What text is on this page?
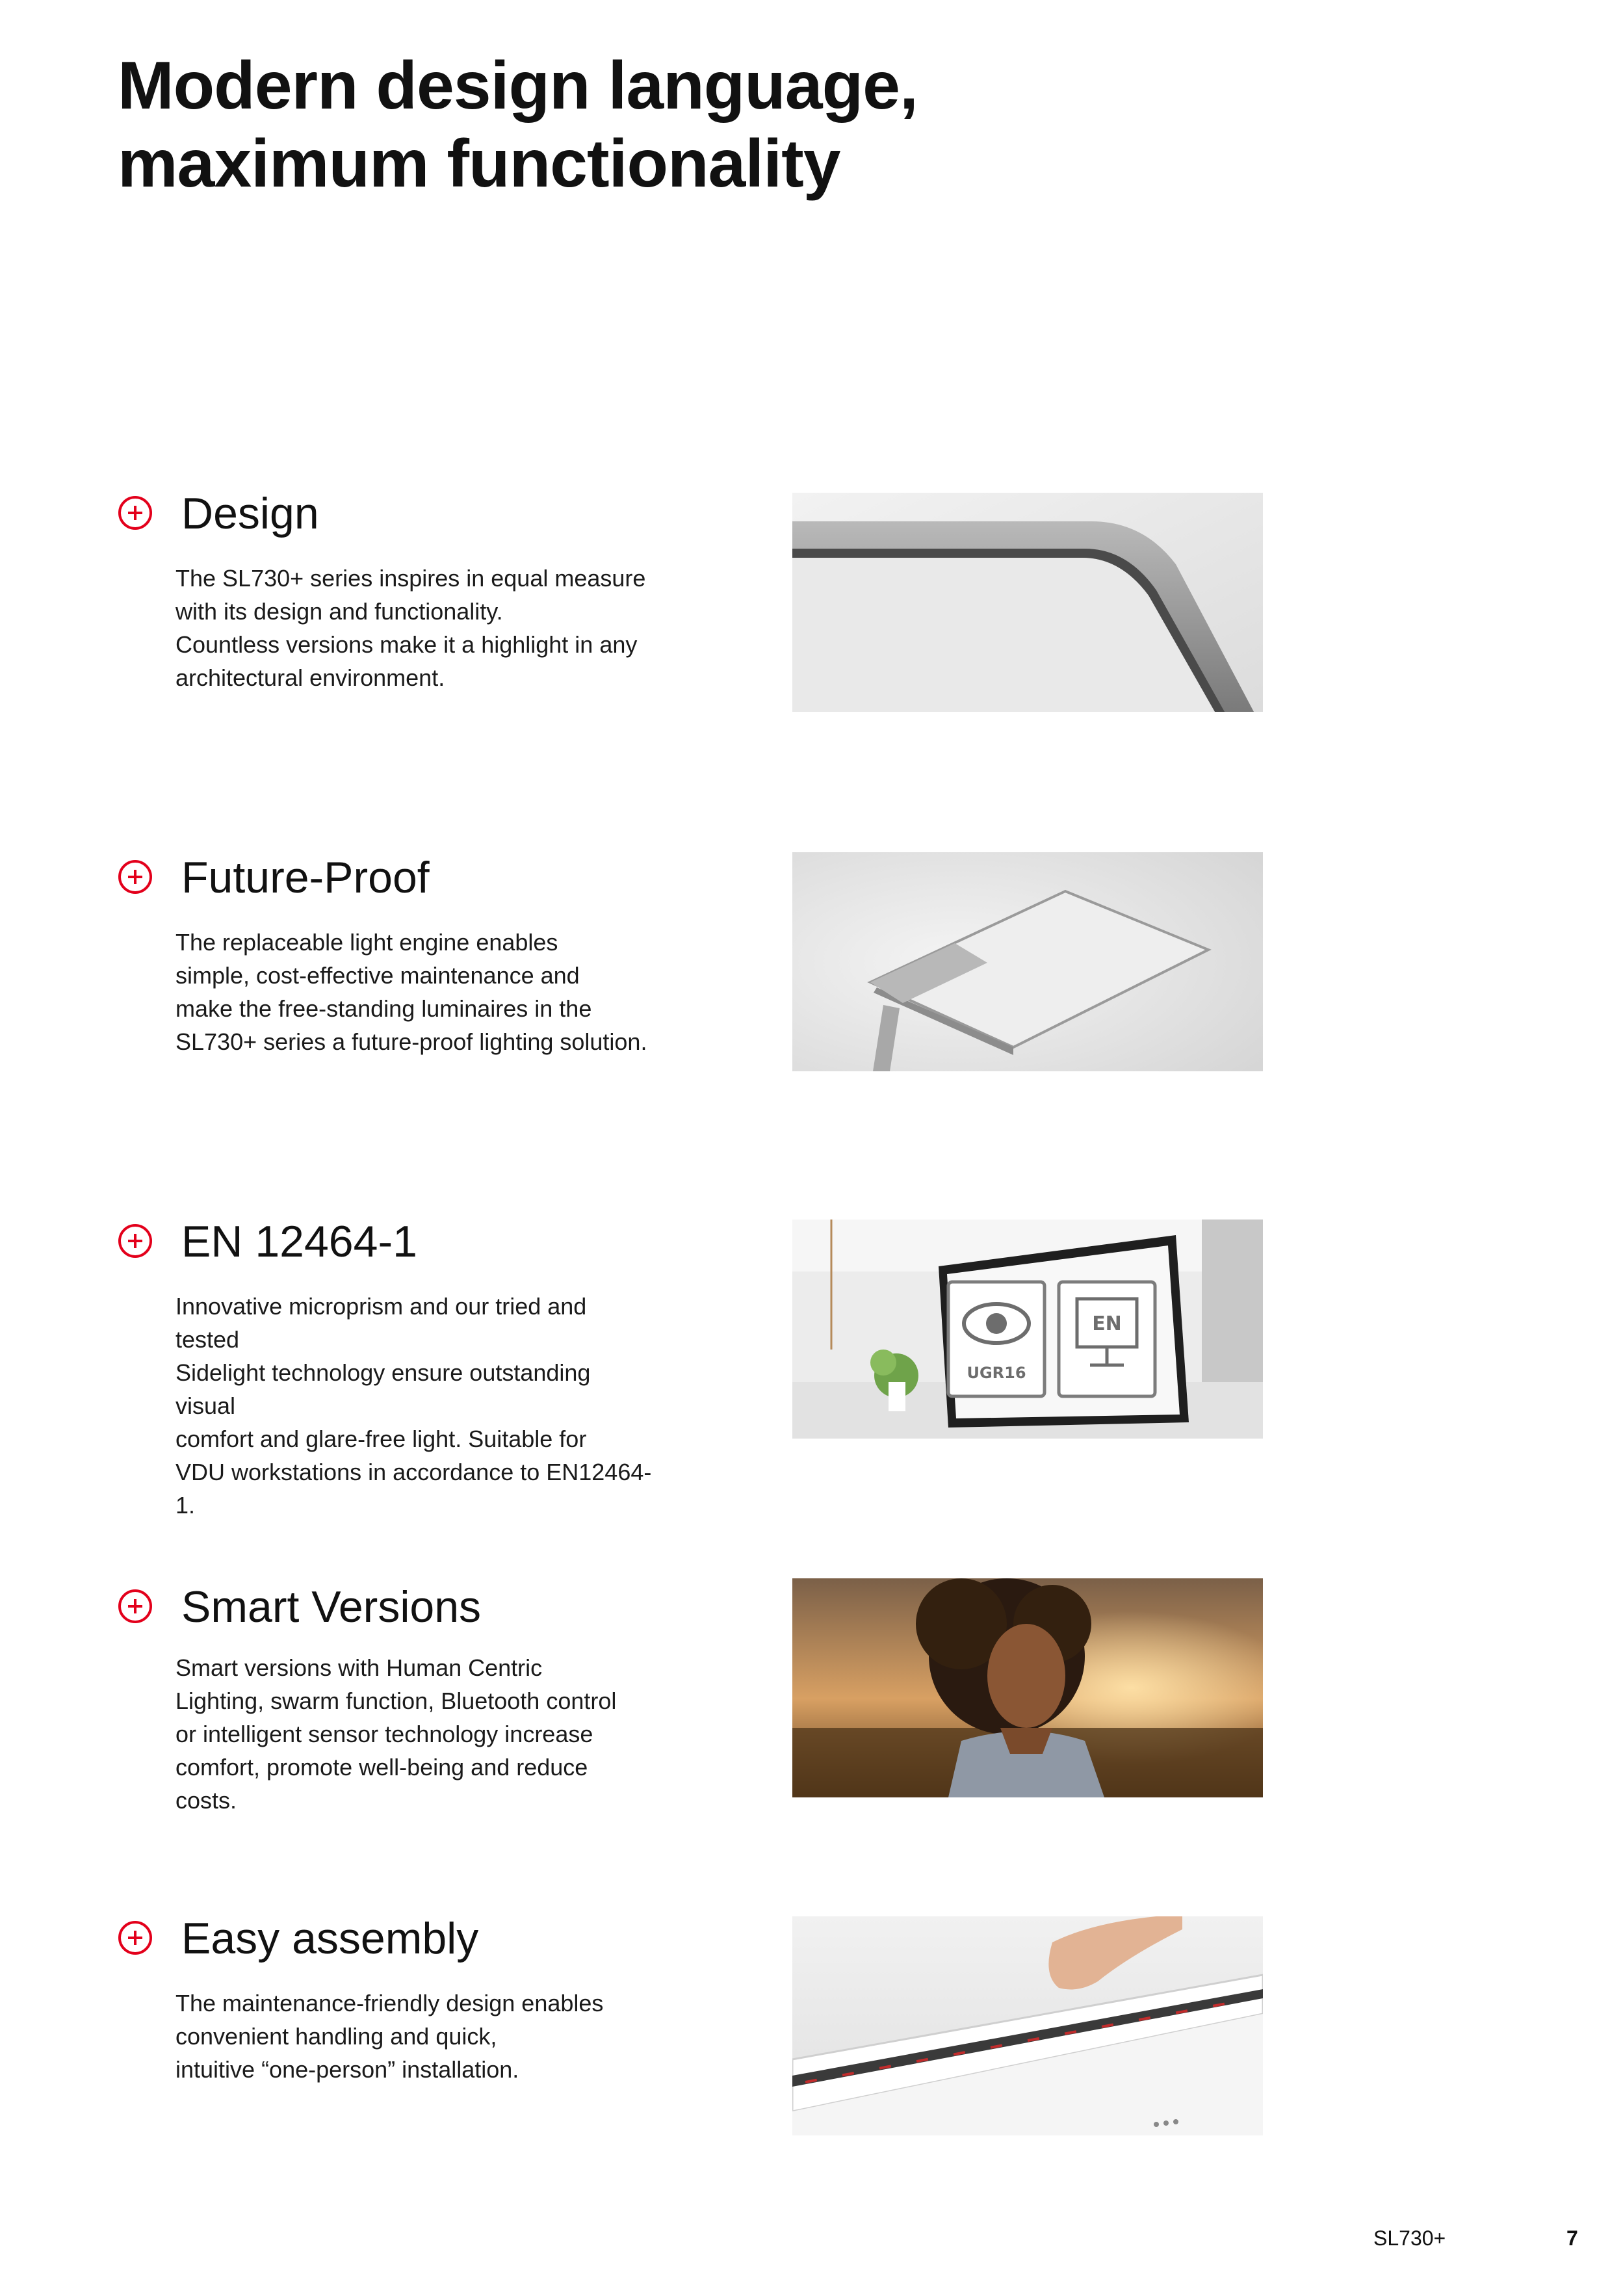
Modern design language,
maximum functionality
Design

The SL730+ series inspires in equal measure
with its design and functionality.
Countless versions make it a highlight in any
architectural environment.

Future-Proof

The replaceable light engine enables
simple, cost-effective maintenance and
make the free-standing luminaires in the
SL730+ series a future-proof lighting solution.

EN 12464-1

Innovative microprism and our tried and
tested
Sidelight technology ensure outstanding
visual
comfort and glare-free light. Suitable for
VDU workstations in accordance to EN12464-
1.

UGR16
EN
Smart Versions

Smart versions with Human Centric
Lighting, swarm function, Bluetooth control
or intelligent sensor technology increase
comfort, promote well-being and reduce
costs.

Easy assembly

The maintenance-friendly design enables
convenient handling and quick,
intuitive “one-person” installation.

SL730+	7
